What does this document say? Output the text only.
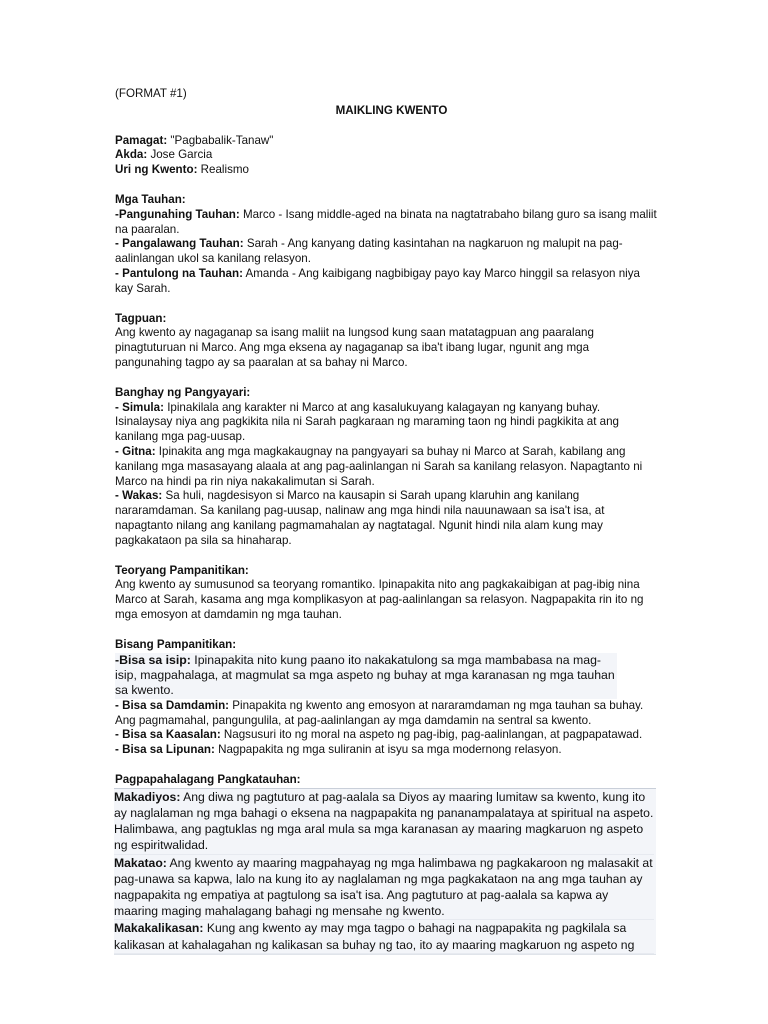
(FORMAT #1)
MAIKLING KWENTO
Pamagat: "Pagbabalik-Tanaw"
Akda: Jose Garcia
Uri ng Kwento: Realismo
Mga Tauhan:
-Pangunahing Tauhan: Marco - Isang middle-aged na binata na nagtatrabaho bilang guro sa isang maliit na paaralan.
- Pangalawang Tauhan: Sarah - Ang kanyang dating kasintahan na nagkaruon ng malupit na pag-aalinlangan ukol sa kanilang relasyon.
- Pantulong na Tauhan: Amanda - Ang kaibigang nagbibigay payo kay Marco hinggil sa relasyon niya kay Sarah.
Tagpuan:
Ang kwento ay nagaganap sa isang maliit na lungsod kung saan matatagpuan ang paaralang pinagtuturuan ni Marco. Ang mga eksena ay nagaganap sa iba't ibang lugar, ngunit ang mga pangunahing tagpo ay sa paaralan at sa bahay ni Marco.
Banghay ng Pangyayari:
- Simula: Ipinakilala ang karakter ni Marco at ang kasalukuyang kalagayan ng kanyang buhay. Isinalaysay niya ang pagkikita nila ni Sarah pagkaraan ng maraming taon ng hindi pagkikita at ang kanilang mga pag-uusap.
- Gitna: Ipinakita ang mga magkakaugnay na pangyayari sa buhay ni Marco at Sarah, kabilang ang kanilang mga masasayang alaala at ang pag-aalinlangan ni Sarah sa kanilang relasyon. Napagtanto ni Marco na hindi pa rin niya nakakalimutan si Sarah.
- Wakas: Sa huli, nagdesisyon si Marco na kausapin si Sarah upang klaruhin ang kanilang nararamdaman. Sa kanilang pag-uusap, nalinaw ang mga hindi nila nauunawaan sa isa't isa, at napagtanto nilang ang kanilang pagmamahalan ay nagtatagal. Ngunit hindi nila alam kung may pagkakataon pa sila sa hinaharap.
Teoryang Pampanitikan:
Ang kwento ay sumusunod sa teoryang romantiko. Ipinapakita nito ang pagkakaibigan at pag-ibig nina Marco at Sarah, kasama ang mga komplikasyon at pag-aalinlangan sa relasyon. Nagpapakita rin ito ng mga emosyon at damdamin ng mga tauhan.
Bisang Pampanitikan:
-Bisa sa isip: Ipinapakita nito kung paano ito nakakatulong sa mga mambabasa na mag-isip, magpahalaga, at magmulat sa mga aspeto ng buhay at mga karanasan ng mga tauhan sa kwento.
- Bisa sa Damdamin: Pinapakita ng kwento ang emosyon at nararamdaman ng mga tauhan sa buhay. Ang pagmamahal, pangungulila, at pag-aalinlangan ay mga damdamin na sentral sa kwento.
- Bisa sa Kaasalan: Nagsusuri ito ng moral na aspeto ng pag-ibig, pag-aalinlangan, at pagpapatawad.
- Bisa sa Lipunan: Nagpapakita ng mga suliranin at isyu sa mga modernong relasyon.
Pagpapahalagang Pangkatauhan:
Makadiyos: Ang diwa ng pagtuturo at pag-aalala sa Diyos ay maaring lumitaw sa kwento, kung ito ay naglalaman ng mga bahagi o eksena na nagpapakita ng pananampalataya at spiritual na aspeto. Halimbawa, ang pagtuklas ng mga aral mula sa mga karanasan ay maaring magkaruon ng aspeto ng espiritwalidad.
Makatao: Ang kwento ay maaring magpahayag ng mga halimbawa ng pagkakaroon ng malasakit at pag-unawa sa kapwa, lalo na kung ito ay naglalaman ng mga pagkakataon na ang mga tauhan ay nagpapakita ng empatiya at pagtulong sa isa't isa. Ang pagtuturo at pag-aalala sa kapwa ay maaring maging mahalagang bahagi ng mensahe ng kwento.
Makakalikasan: Kung ang kwento ay may mga tagpo o bahagi na nagpapakita ng pagkilala sa kalikasan at kahalagahan ng kalikasan sa buhay ng tao, ito ay maaring magkaruon ng aspeto ng
